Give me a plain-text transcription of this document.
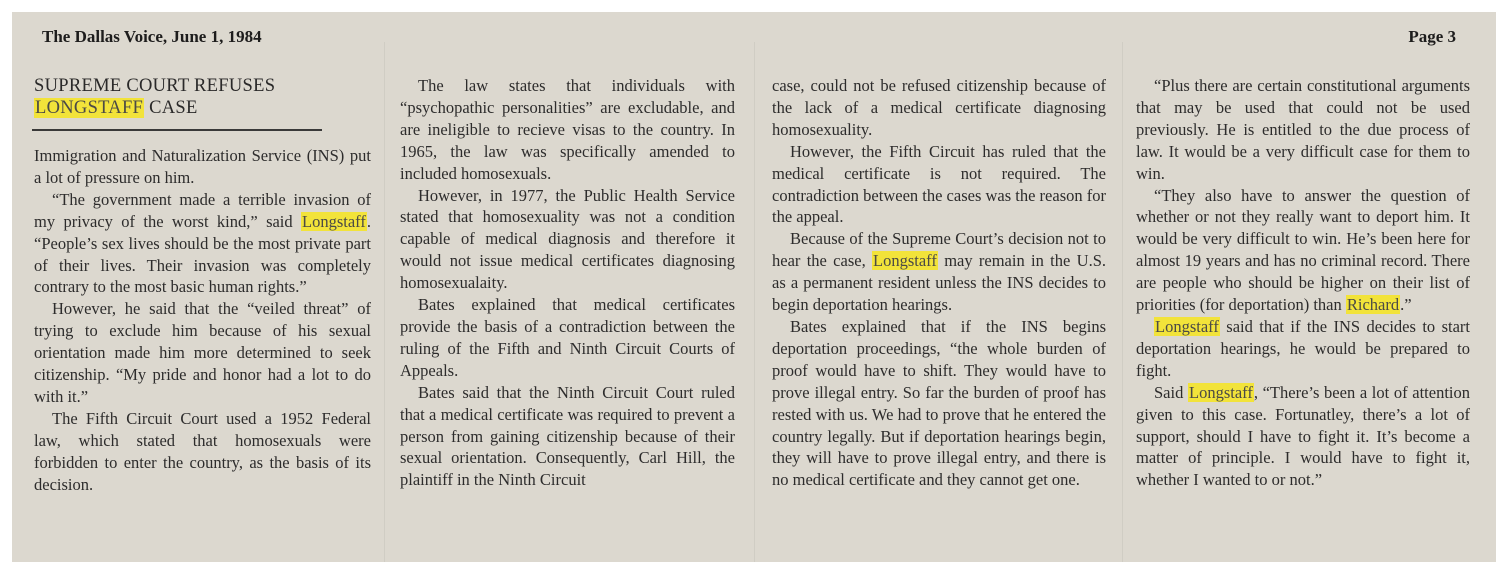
The Dallas Voice, June 1, 1984	Page 3
SUPREME COURT REFUSES
LONGSTAFF CASE

Immigration and Naturalization Service (INS) put a lot of pressure on him.

“The government made a terrible invasion of my privacy of the worst kind,” said Longstaff. “People’s sex lives should be the most private part of their lives. Their invasion was completely contrary to the most basic human rights.”

However, he said that the “veiled threat” of trying to exclude him because of his sexual orientation made him more determined to seek citizenship. “My pride and honor had a lot to do with it.”

The Fifth Circuit Court used a 1952 Federal law, which stated that homosexuals were forbidden to enter the country, as the basis of its decision.

The law states that individuals with “psychopathic personalities” are excludable, and are ineligible to recieve visas to the country. In 1965, the law was specifically amended to included homosexuals.

However, in 1977, the Public Health Service stated that homosexuality was not a condition capable of medical diagnosis and therefore it would not issue medical certificates diagnosing homosexualaity.

Bates explained that medical certificates provide the basis of a contradiction between the ruling of the Fifth and Ninth Circuit Courts of Appeals.

Bates said that the Ninth Circuit Court ruled that a medical certificate was required to prevent a person from gaining citizenship because of their sexual orientation. Consequently, Carl Hill, the plaintiff in the Ninth Circuit

case, could not be refused citizenship because of the lack of a medical certificate diagnosing homosexuality.

However, the Fifth Circuit has ruled that the medical certificate is not required. The contradiction between the cases was the reason for the appeal.

Because of the Supreme Court’s decision not to hear the case, Longstaff may remain in the U.S. as a permanent resident unless the INS decides to begin deportation hearings.

Bates explained that if the INS begins deportation proceedings, “the whole burden of proof would have to shift. They would have to prove illegal entry. So far the burden of proof has rested with us. We had to prove that he entered the country legally. But if deportation hearings begin, they will have to prove illegal entry, and there is no medical certificate and they cannot get one.

“Plus there are certain constitutional arguments that may be used that could not be used previously. He is entitled to the due process of law. It would be a very difficult case for them to win.

“They also have to answer the question of whether or not they really want to deport him. It would be very difficult to win. He’s been here for almost 19 years and has no criminal record. There are people who should be higher on their list of priorities (for deportation) than Richard.”

Longstaff said that if the INS decides to start deportation hearings, he would be prepared to fight.

Said Longstaff, “There’s been a lot of attention given to this case. Fortunatley, there’s a lot of support, should I have to fight it. It’s become a matter of principle. I would have to fight it, whether I wanted to or not.”
